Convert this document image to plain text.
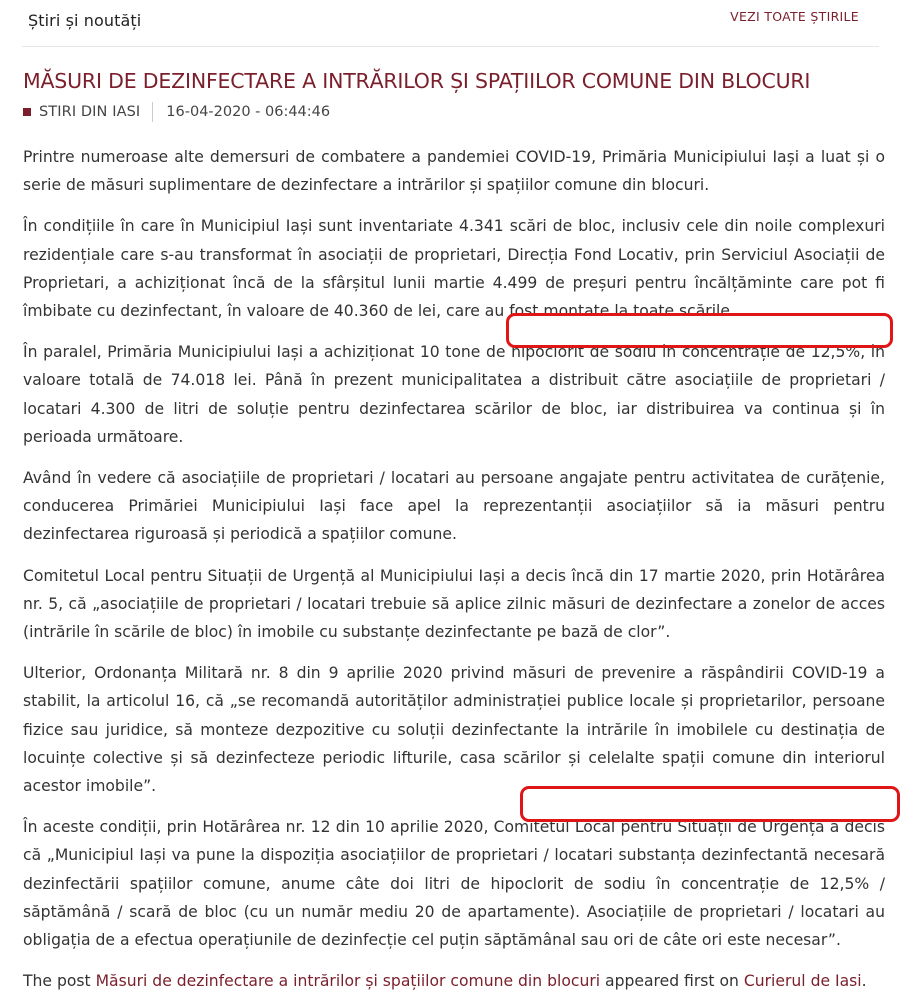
Știri și noutăți	VEZI TOATE ȘTIRILE
MĂSURI DE DEZINFECTARE A INTRĂRILOR ȘI SPAȚIILOR COMUNE DIN BLOCURI
STIRI DIN IASI 16-04-2020 - 06:44:46

Printre numeroase alte demersuri de combatere a pandemiei COVID-19, Primăria Municipiului Iași a luat și o serie de măsuri suplimentare de dezinfectare a intrărilor și spațiilor comune din blocuri.

În condițiile în care în Municipiul Iași sunt inventariate 4.341 scări de bloc, inclusiv cele din noile complexuri rezidențiale care s-au transformat în asociații de proprietari, Direcția Fond Locativ, prin Serviciul Asociații de Proprietari, a achiziționat încă de la sfârșitul lunii martie 4.499 de preșuri pentru încălțăminte care pot fi îmbibate cu dezinfectant, în valoare de 40.360 de lei, care au fost montate la toate scările.

În paralel, Primăria Municipiului Iași a achiziționat 10 tone de hipoclorit de sodiu în concentrație de 12,5%, în valoare totală de 74.018 lei. Până în prezent municipalitatea a distribuit către asociațiile de proprietari / locatari 4.300 de litri de soluție pentru dezinfectarea scărilor de bloc, iar distribuirea va continua și în perioada următoare.

Având în vedere că asociațiile de proprietari / locatari au persoane angajate pentru activitatea de curățenie, conducerea Primăriei Municipiului Iași face apel la reprezentanții asociațiilor să ia măsuri pentru dezinfectarea riguroasă și periodică a spațiilor comune.

Comitetul Local pentru Situații de Urgență al Municipiului Iași a decis încă din 17 martie 2020, prin Hotărârea nr. 5, că „asociațiile de proprietari / locatari trebuie să aplice zilnic măsuri de dezinfectare a zonelor de acces (intrările în scările de bloc) în imobile cu substanțe dezinfectante pe bază de clor”.

Ulterior, Ordonanța Militară nr. 8 din 9 aprilie 2020 privind măsuri de prevenire a răspândirii COVID-19 a stabilit, la articolul 16, că „se recomandă autorităților administrației publice locale și proprietarilor, persoane fizice sau juridice, să monteze dezpozitive cu soluții dezinfectante la intrările în imobilele cu destinația de locuințe colective și să dezinfecteze periodic lifturile, casa scărilor și celelalte spații comune din interiorul acestor imobile”.

În aceste condiții, prin Hotărârea nr. 12 din 10 aprilie 2020, Comitetul Local pentru Situații de Urgență a decis că „Municipiul Iași va pune la dispoziția asociațiilor de proprietari / locatari substanța dezinfectantă necesară dezinfectării spațiilor comune, anume câte doi litri de hipoclorit de sodiu în concentrație de 12,5% / săptămână / scară de bloc (cu un număr mediu 20 de apartamente). Asociațiile de proprietari / locatari au obligația de a efectua operațiunile de dezinfecție cel puțin săptămânal sau ori de câte ori este necesar”.

The post Măsuri de dezinfectare a intrărilor și spațiilor comune din blocuri appeared first on Curierul de Iasi.
